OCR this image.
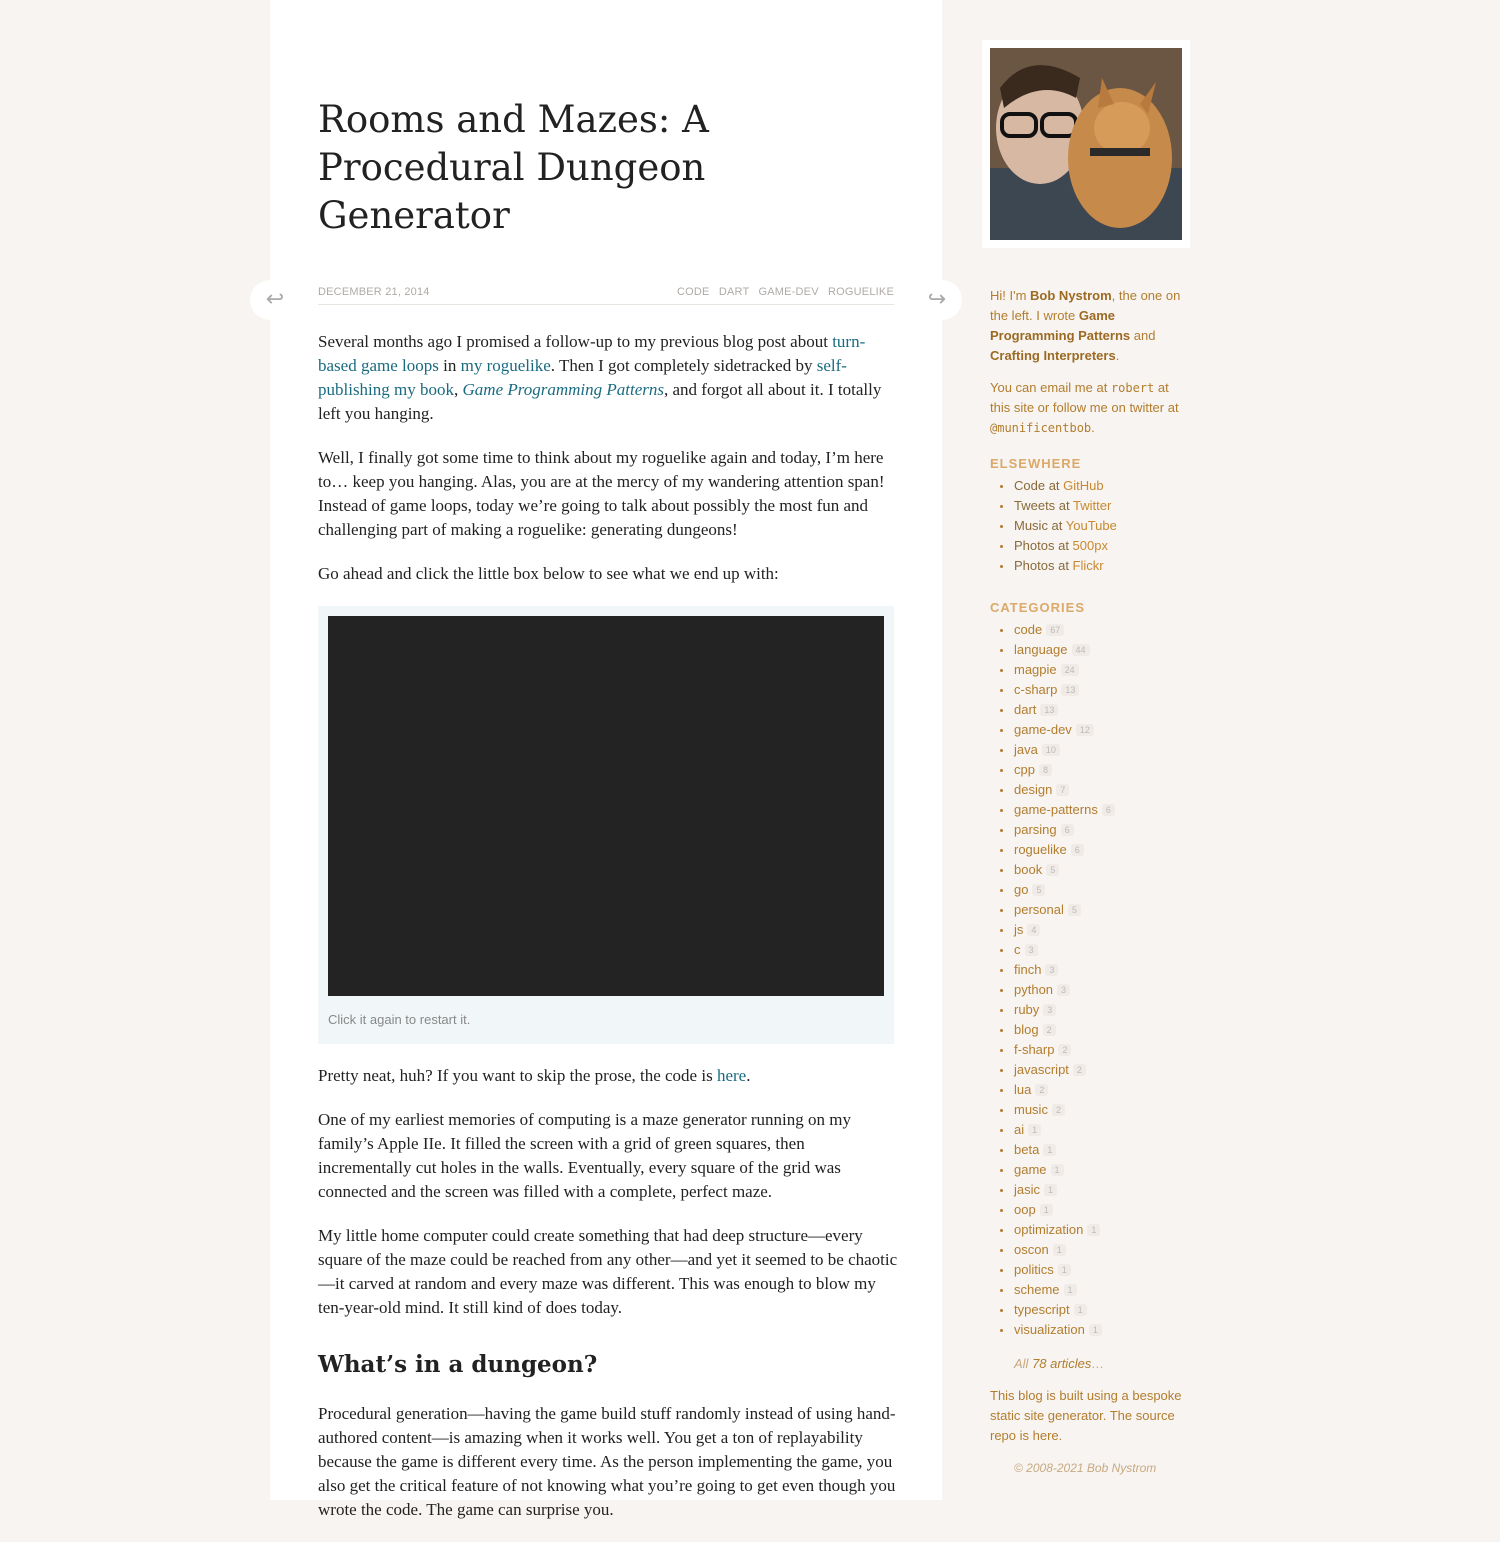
Rooms and Mazes: A Procedural Dungeon Generator
DECEMBER 21, 2014	CODE DART GAME-DEV ROGUELIKE

Several months ago I promised a follow-up to my previous blog post about turn-based game loops in my roguelike. Then I got completely sidetracked by self-publishing my book, Game Programming Patterns, and forgot all about it. I totally left you hanging.

Well, I finally got some time to think about my roguelike again and today, I’m here to… keep you hanging. Alas, you are at the mercy of my wandering attention span! Instead of game loops, today we’re going to talk about possibly the most fun and challenging part of making a roguelike: generating dungeons!

Go ahead and click the little box below to see what we end up with:

Click it again to restart it.

Pretty neat, huh? If you want to skip the prose, the code is here.

One of my earliest memories of computing is a maze generator running on my family’s Apple IIe. It filled the screen with a grid of green squares, then incrementally cut holes in the walls. Eventually, every square of the grid was connected and the screen was filled with a complete, perfect maze.

My little home computer could create something that had deep structure—every square of the maze could be reached from any other—and yet it seemed to be chaotic—it carved at random and every maze was different. This was enough to blow my ten-year-old mind. It still kind of does today.

What’s in a dungeon?

Procedural generation—having the game build stuff randomly instead of using hand-authored content—is amazing when it works well. You get a ton of replayability because the game is different every time. As the person implementing the game, you also get the critical feature of not knowing what you’re going to get even though you wrote the code. The game can surprise you.

↩	↪	Hi! I'm Bob Nystrom, the one on the left. I wrote Game Programming Patterns and Crafting Interpreters.

You can email me at robert at this site or follow me on twitter at @munificentbob.

ELSEWHERE
Code at GitHub
Tweets at Twitter
Music at YouTube
Photos at 500px
Photos at Flickr
CATEGORIES
code 67
language 44
magpie 24
c-sharp 13
dart 13
game-dev 12
java 10
cpp 8
design 7
game-patterns 6
parsing 6
roguelike 6
book 5
go 5
personal 5
js 4
c 3
finch 3
python 3
ruby 3
blog 2
f-sharp 2
javascript 2
lua 2
music 2
ai 1
beta 1
game 1
jasic 1
oop 1
optimization 1
oscon 1
politics 1
scheme 1
typescript 1
visualization 1
All 78 articles…

This blog is built using a bespoke static site generator. The source repo is here.

© 2008-2021 Bob Nystrom
